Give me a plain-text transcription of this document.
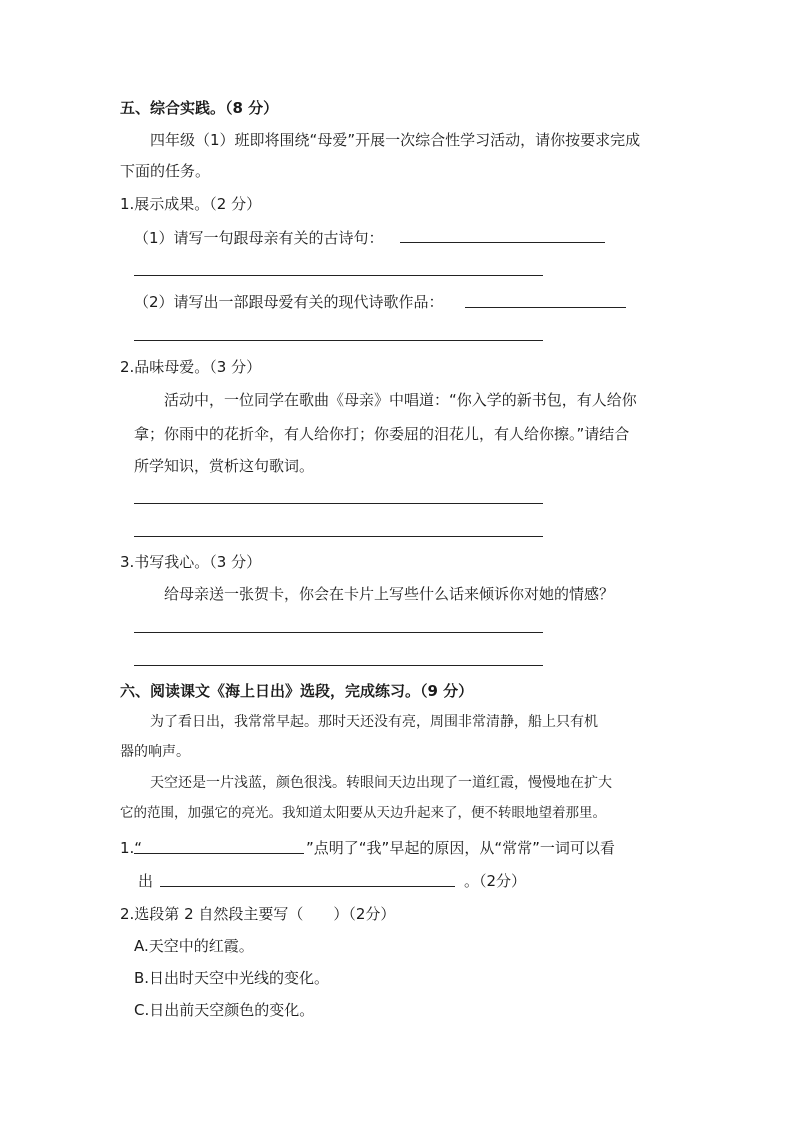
五、综合实践。（8 分）

四年级（1）班即将围绕“母爱”开展一次综合性学习活动，请你按要求完成

下面的任务。

1.展示成果。（2 分）

（1）请写一句跟母亲有关的古诗句：

（2）请写出一部跟母爱有关的现代诗歌作品：

2.品味母爱。（3 分）

活动中，一位同学在歌曲《母亲》中唱道：“你入学的新书包，有人给你

拿；你雨中的花折伞，有人给你打；你委屈的泪花儿，有人给你擦。”请结合

所学知识，赏析这句歌词。

3.书写我心。（3 分）

给母亲送一张贺卡，你会在卡片上写些什么话来倾诉你对她的情感？

六、阅读课文《海上日出》选段，完成练习。（9 分）

为了看日出，我常常早起。那时天还没有亮，周围非常清静，船上只有机

器的响声。

天空还是一片浅蓝，颜色很浅。转眼间天边出现了一道红霞，慢慢地在扩大

它的范围，加强它的亮光。我知道太阳要从天边升起来了，便不转眼地望着那里。

1.“	”点明了“我”早起的原因，从“常常”一词可以看

出	。（2分）

2.选段第 2 自然段主要写（　　）（2分）

A.天空中的红霞。

B.日出时天空中光线的变化。

C.日出前天空颜色的变化。
